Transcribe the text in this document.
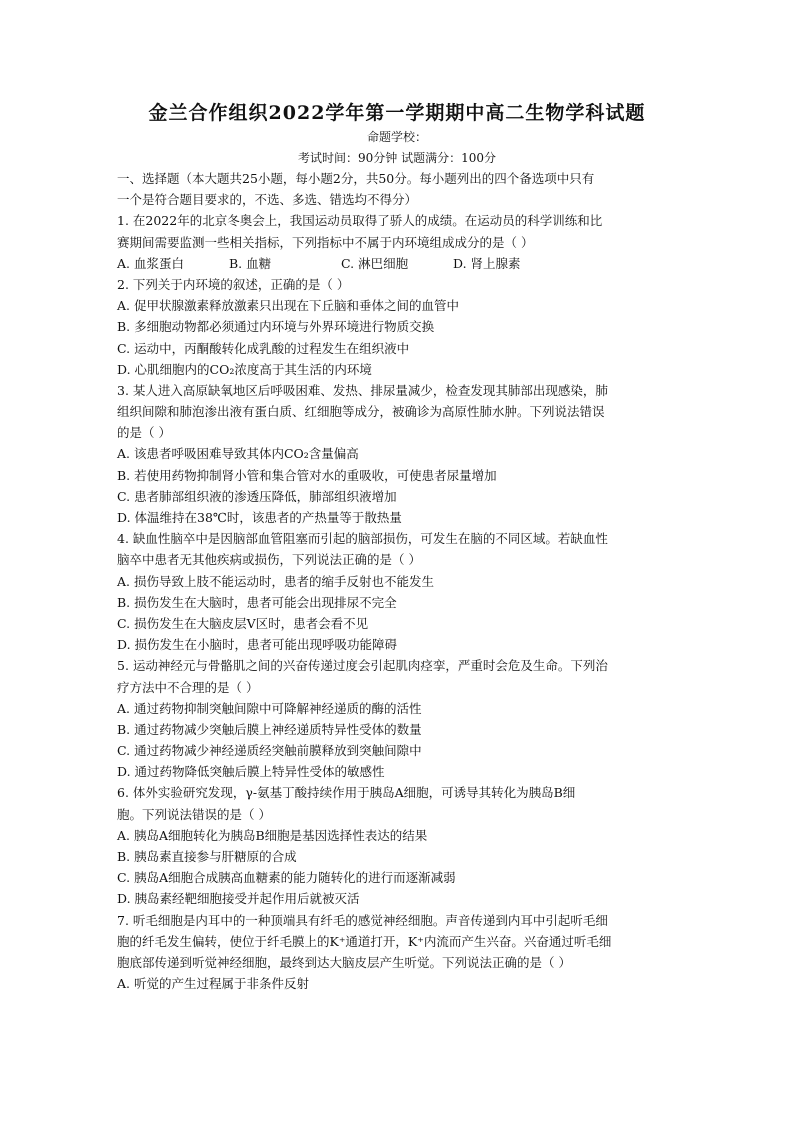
金兰合作组织2022学年第一学期期中高二生物学科试题
命题学校：
考试时间：90分钟 试题满分：100分
一、选择题（本大题共25小题，每小题2分，共50分。每小题列出的四个备选项中只有
一个是符合题目要求的，不选、多选、错选均不得分）
1. 在2022年的北京冬奥会上，我国运动员取得了骄人的成绩。在运动员的科学训练和比
赛期间需要监测一些相关指标，下列指标中不属于内环境组成成分的是（ ）
A. 血浆蛋白	B. 血糖	C. 淋巴细胞	D. 肾上腺素
2. 下列关于内环境的叙述，正确的是（ ）
A. 促甲状腺激素释放激素只出现在下丘脑和垂体之间的血管中
B. 多细胞动物都必须通过内环境与外界环境进行物质交换
C. 运动中，丙酮酸转化成乳酸的过程发生在组织液中
D. 心肌细胞内的CO₂浓度高于其生活的内环境
3. 某人进入高原缺氧地区后呼吸困难、发热、排尿量减少，检查发现其肺部出现感染，肺
组织间隙和肺泡渗出液有蛋白质、红细胞等成分，被确诊为高原性肺水肿。下列说法错误
的是（ ）
A. 该患者呼吸困难导致其体内CO₂含量偏高
B. 若使用药物抑制肾小管和集合管对水的重吸收，可使患者尿量增加
C. 患者肺部组织液的渗透压降低，肺部组织液增加
D. 体温维持在38℃时，该患者的产热量等于散热量
4. 缺血性脑卒中是因脑部血管阻塞而引起的脑部损伤，可发生在脑的不同区域。若缺血性
脑卒中患者无其他疾病或损伤，下列说法正确的是（ ）
A. 损伤导致上肢不能运动时，患者的缩手反射也不能发生
B. 损伤发生在大脑时，患者可能会出现排尿不完全
C. 损伤发生在大脑皮层V区时，患者会看不见
D. 损伤发生在小脑时，患者可能出现呼吸功能障碍
5. 运动神经元与骨骼肌之间的兴奋传递过度会引起肌肉痉挛，严重时会危及生命。下列治
疗方法中不合理的是（ ）
A. 通过药物抑制突触间隙中可降解神经递质的酶的活性
B. 通过药物减少突触后膜上神经递质特异性受体的数量
C. 通过药物减少神经递质经突触前膜释放到突触间隙中
D. 通过药物降低突触后膜上特异性受体的敏感性
6. 体外实验研究发现，γ-氨基丁酸持续作用于胰岛A细胞，可诱导其转化为胰岛B细
胞。下列说法错误的是（ ）
A. 胰岛A细胞转化为胰岛B细胞是基因选择性表达的结果
B. 胰岛素直接参与肝糖原的合成
C. 胰岛A细胞合成胰高血糖素的能力随转化的进行而逐渐减弱
D. 胰岛素经靶细胞接受并起作用后就被灭活
7. 听毛细胞是内耳中的一种顶端具有纤毛的感觉神经细胞。声音传递到内耳中引起听毛细
胞的纤毛发生偏转，使位于纤毛膜上的K⁺通道打开，K⁺内流而产生兴奋。兴奋通过听毛细
胞底部传递到听觉神经细胞，最终到达大脑皮层产生听觉。下列说法正确的是（ ）
A. 听觉的产生过程属于非条件反射
